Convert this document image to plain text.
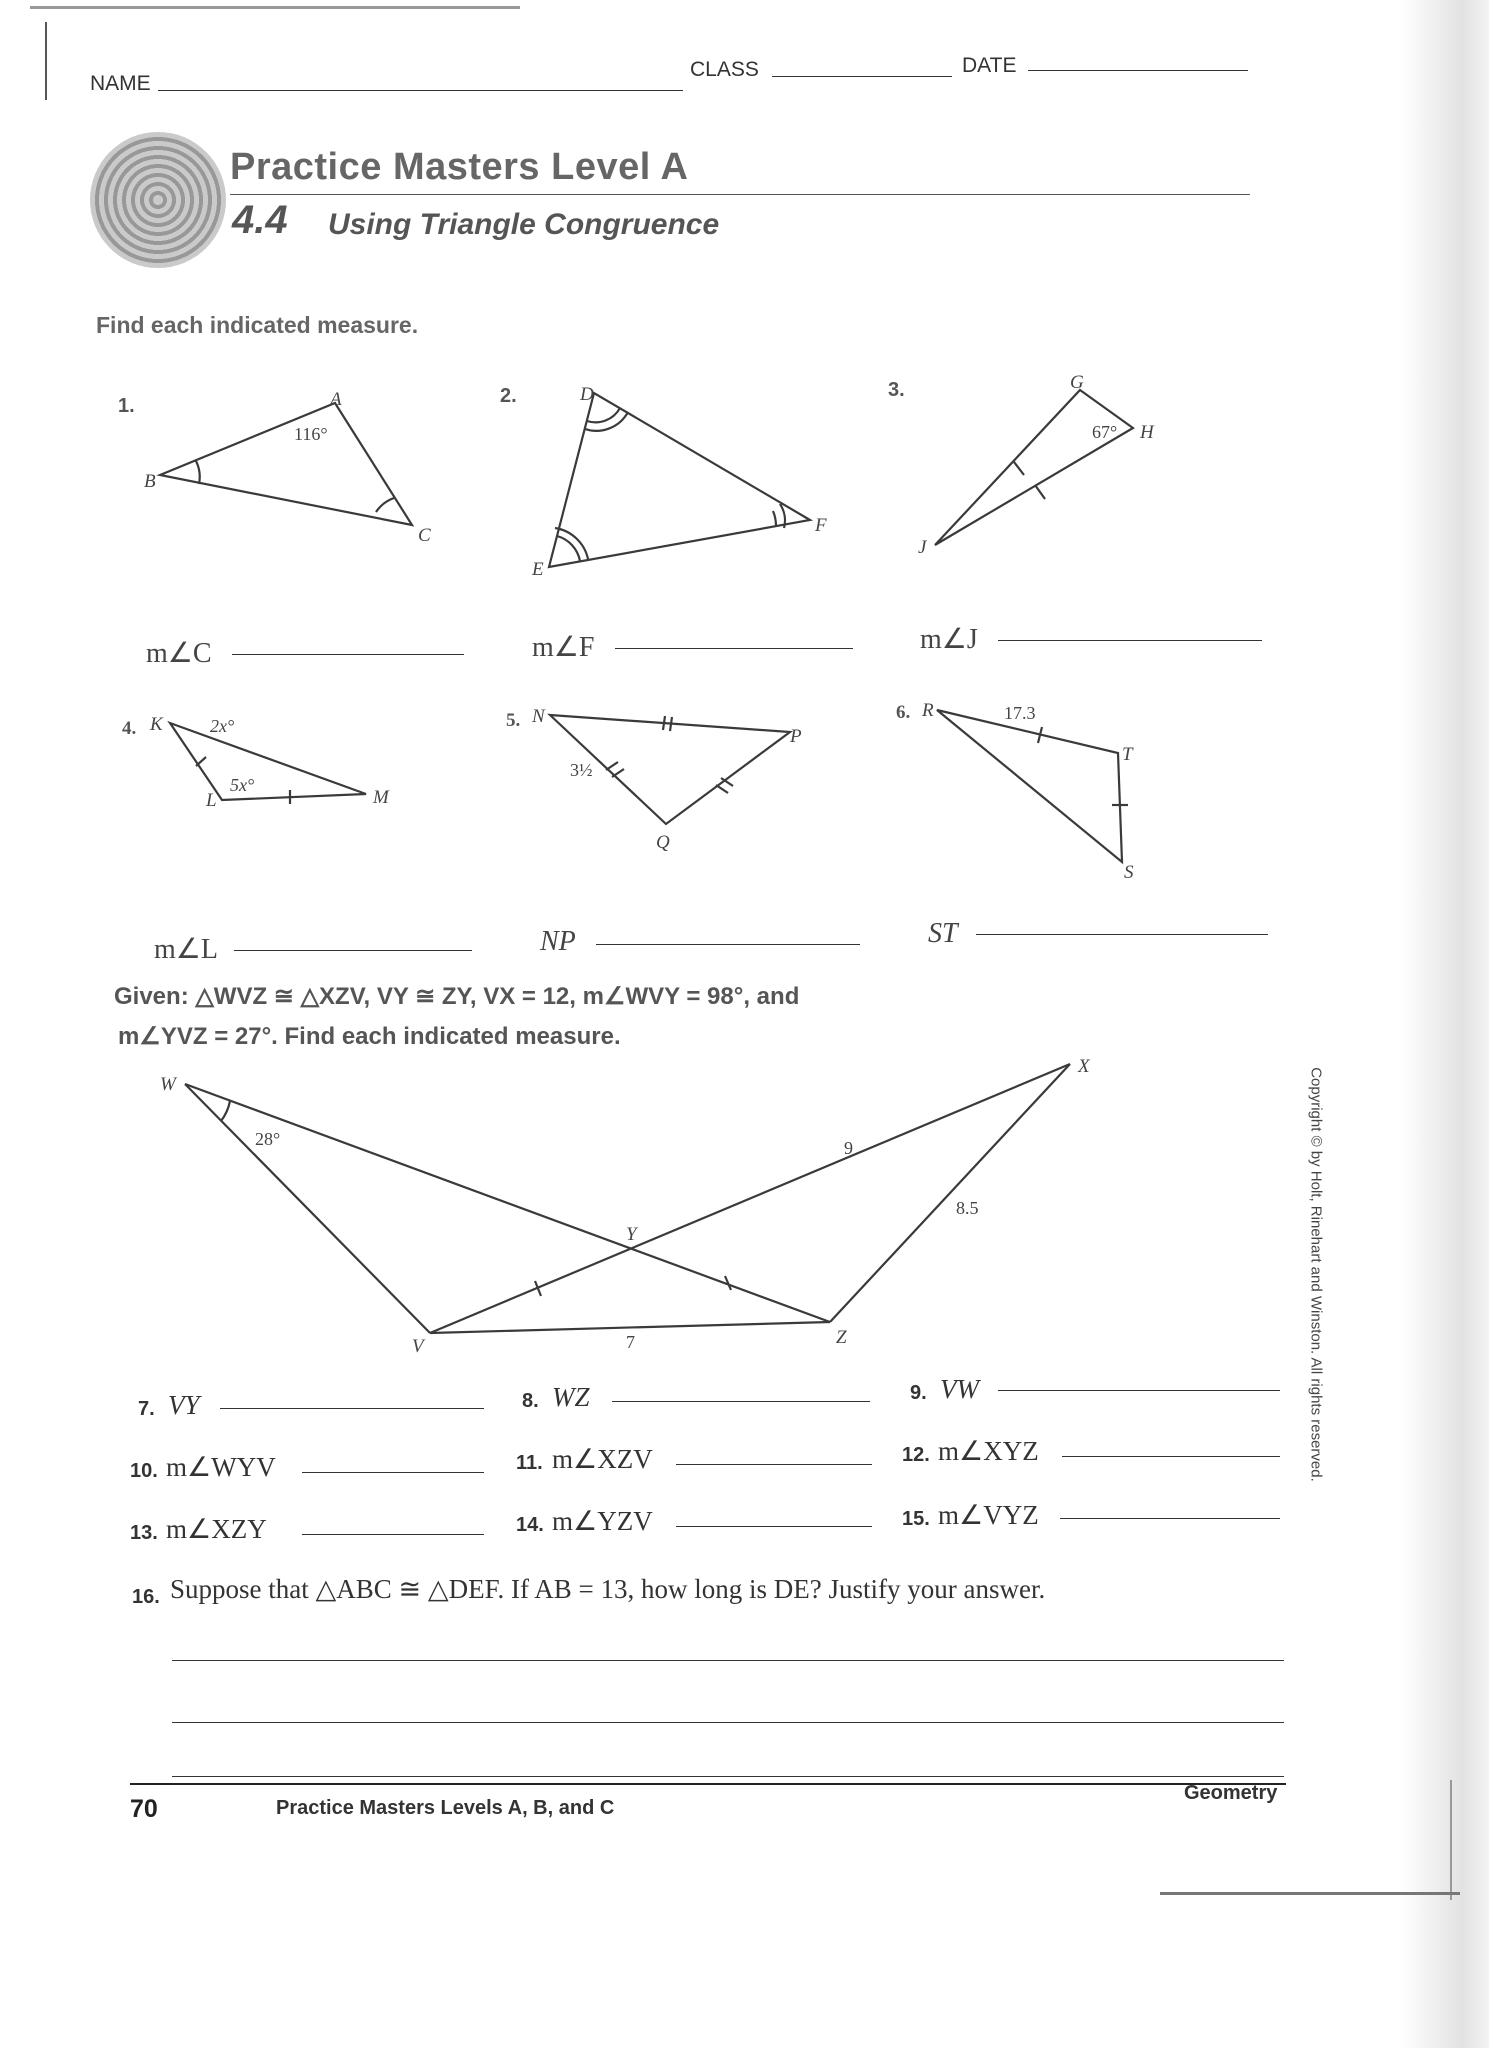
NAME
CLASS	DATE
Practice Masters Level A
4.4 Using Triangle Congruence
Find each indicated measure.
1.	A
B
C
116°
2.	D
E
F
3.	G
H
J
67°
4. K
L	M
2x°
5x°
5. N
P
Q
3½
6. R
T
S
17.3
W
X
Y
V	Z
28°	9
8.5
7
m∠C	m∠F	m∠J
m∠L	NP	ST
Given: △WVZ ≅ △XZV, VY ≅ ZY, VX = 12, m∠WVY = 98°, and
m∠YVZ = 27°. Find each indicated measure.
7. VY	8. WZ	9. VW
10. m∠WYV	11. m∠XZV	12. m∠XYZ
13. m∠XZY	14. m∠YZV	15. m∠VYZ
16. Suppose that △ABC ≅ △DEF. If AB = 13, how long is DE? Justify your answer.
70	Practice Masters Levels A, B, and C
Geometry
Copyright © by Holt, Rinehart and Winston. All rights reserved.
